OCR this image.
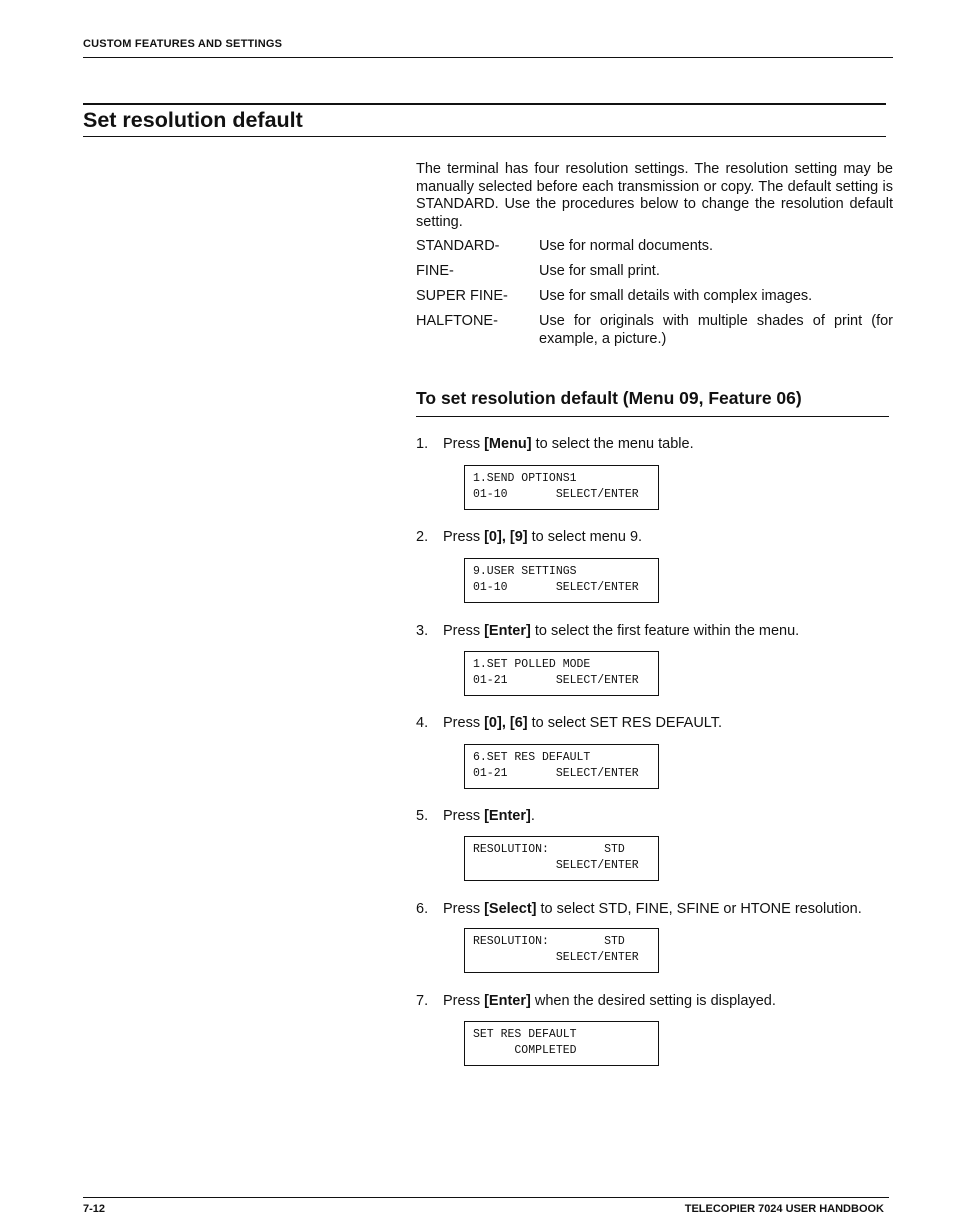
CUSTOM FEATURES AND SETTINGS
Set resolution default
The terminal has four resolution settings. The resolution setting may be manually selected before each transmission or copy. The default setting is STANDARD. Use the procedures below to change the resolution default setting.
STANDARD-	Use for normal documents.
FINE-	Use for small print.
SUPER FINE- Use for small details with complex images.
HALFTONE-	Use for originals with multiple shades of print (for example, a picture.)
To set resolution default (Menu 09, Feature 06)
1.	Press [Menu] to select the menu table.
1.SEND OPTIONS1
01-10       SELECT/ENTER
2.	Press [0], [9] to select menu 9.
9.USER SETTINGS
01-10       SELECT/ENTER
3.	Press [Enter] to select the first feature within the menu.
1.SET POLLED MODE
01-21       SELECT/ENTER
4.	Press [0], [6] to select SET RES DEFAULT.
6.SET RES DEFAULT
01-21       SELECT/ENTER
5.	Press [Enter].
RESOLUTION:        STD
SELECT/ENTER
6.	Press [Select] to select STD, FINE, SFINE or HTONE resolution.
RESOLUTION:        STD
SELECT/ENTER
7.	Press [Enter] when the desired setting is displayed.
SET RES DEFAULT
COMPLETED
7-12	TELECOPIER 7024 USER HANDBOOK
